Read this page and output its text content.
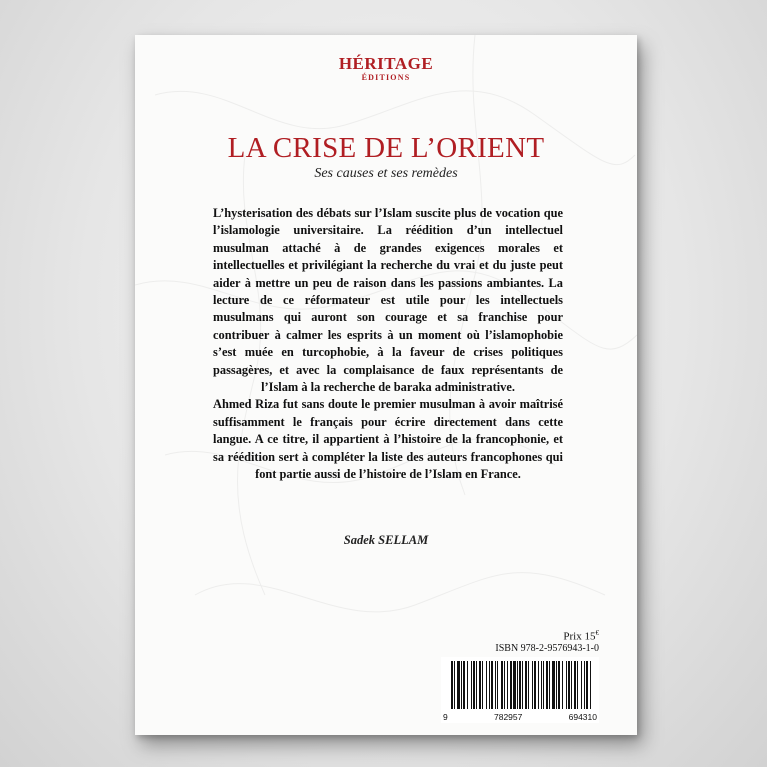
HÉRITAGE
ÉDITIONS
LA CRISE DE L’ORIENT
Ses causes et ses remèdes

L’hysterisation des débats sur l’Islam suscite plus de vocation que l’islamologie universitaire. La réédition d’un intellectuel musulman attaché à de grandes exigences morales et intellectuelles et privilégiant la recherche du vrai et du juste peut aider à mettre un peu de raison dans les passions ambiantes. La lecture de ce réformateur est utile pour les intellectuels musulmans qui auront son courage et sa franchise pour contribuer à calmer les esprits à un moment où l’islamophobie s’est muée en turcophobie, à la faveur de crises politiques passagères, et avec la complaisance de faux représentants de l’Islam à la recherche de baraka administrative.

Ahmed Riza fut sans doute le premier musulman à avoir maîtrisé suffisamment le français pour écrire directement dans cette langue. A ce titre, il appartient à l’histoire de la francophonie, et sa réédition sert à compléter la liste des auteurs francophones qui font partie aussi de l’histoire de l’Islam en France.

Sadek SELLAM
Prix 15€
ISBN 978-2-9576943-1-0
9	782957	694310
